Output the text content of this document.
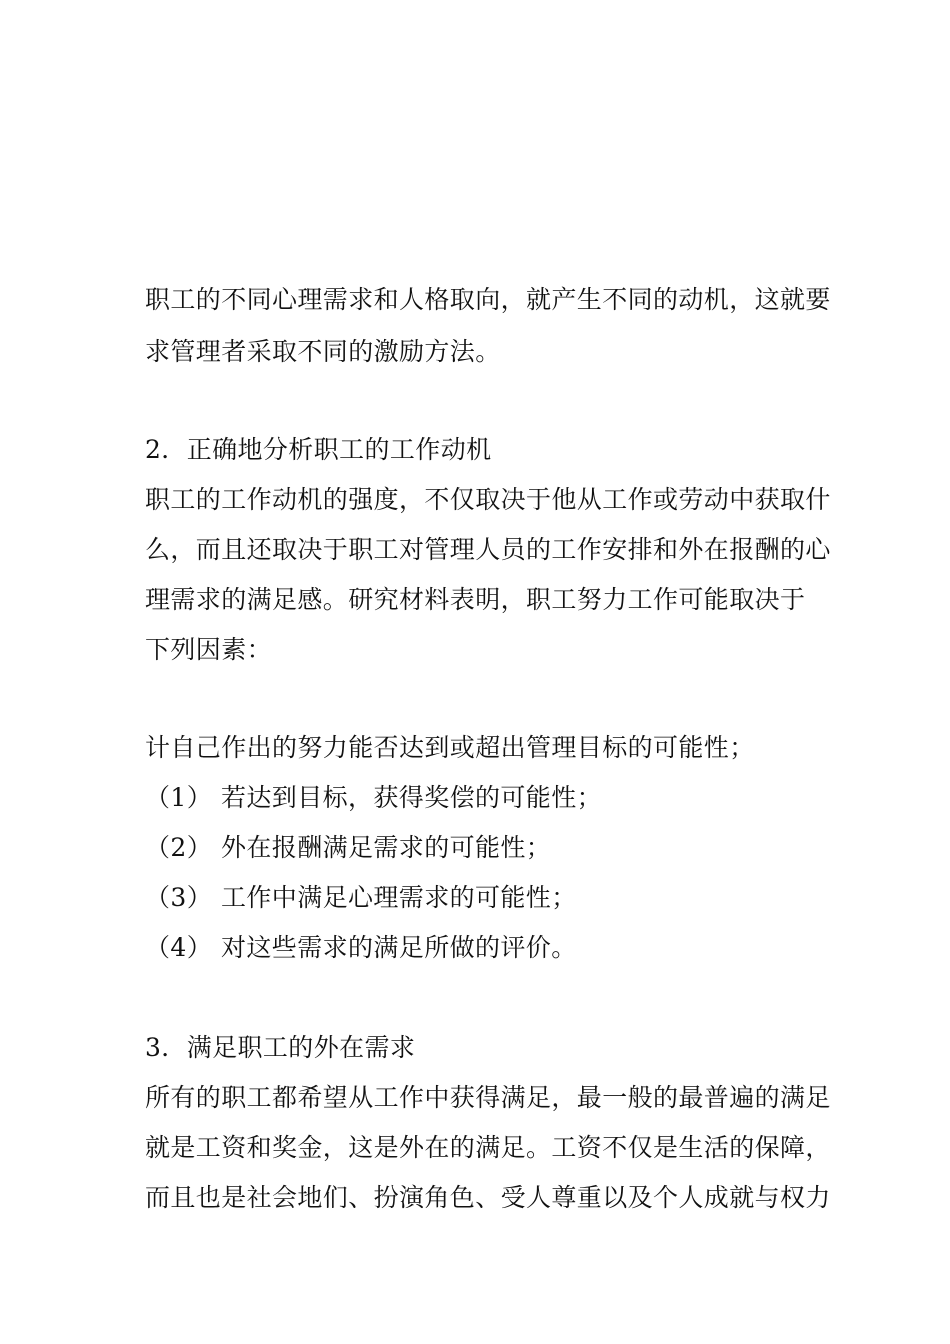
职工的不同心理需求和人格取向，就产生不同的动机，这就要
求管理者采取不同的激励方法。
2．正确地分析职工的工作动机
职工的工作动机的强度，不仅取决于他从工作或劳动中获取什
么，而且还取决于职工对管理人员的工作安排和外在报酬的心
理需求的满足感。研究材料表明，职工努力工作可能取决于
下列因素：
计自己作出的努力能否达到或超出管理目标的可能性；
（1） 若达到目标，获得奖偿的可能性；
（2） 外在报酬满足需求的可能性；
（3） 工作中满足心理需求的可能性；
（4） 对这些需求的满足所做的评价。
3．满足职工的外在需求
所有的职工都希望从工作中获得满足，最一般的最普遍的满足
就是工资和奖金，这是外在的满足。工资不仅是生活的保障，
而且也是社会地们、扮演角色、受人尊重以及个人成就与权力
